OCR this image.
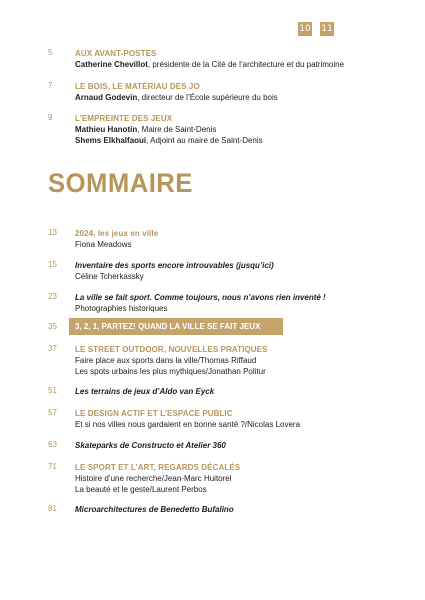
10 11
5	AUX AVANT-POSTES
Catherine Chevillot, présidente de la Cité de l’architecture et du patrimoine
7	LE BOIS, LE MATÉRIAU DES JO
Arnaud Godevin, directeur de l’École supérieure du bois
9	L’EMPREINTE DES JEUX
Mathieu Hanotin, Maire de Saint-Denis
Shems Elkhalfaoui, Adjoint au maire de Saint-Denis
SOMMAIRE
13 2024, les jeux en ville
Fiona Meadows
15 Inventaire des sports encore introuvables (jusqu’ici)
Céline Tcherkassky
23 La ville se fait sport. Comme toujours, nous n’avons rien inventé !
Photographies historiques
35 3, 2, 1, PARTEZ! QUAND LA VILLE SE FAIT JEUX
37 LE STREET OUTDOOR, NOUVELLES PRATIQUES
Faire place aux sports dans la ville/Thomas Riffaud
Les spots urbains les plus mythiques/Jonathan Politur
51 Les terrains de jeux d’Aldo van Eyck
57 LE DESIGN ACTIF ET L’ESPACE PUBLIC
Et si nos villes nous gardaient en bonne santé ?/Nicolas Lovera
63 Skateparks de Constructo et Atelier 360
71 LE SPORT ET L’ART, REGARDS DÉCALÉS
Histoire d’une recherche/Jean-Marc Huitorel
La beauté et le geste/Laurent Perbos
81 Microarchitectures de Benedetto Bufalino
